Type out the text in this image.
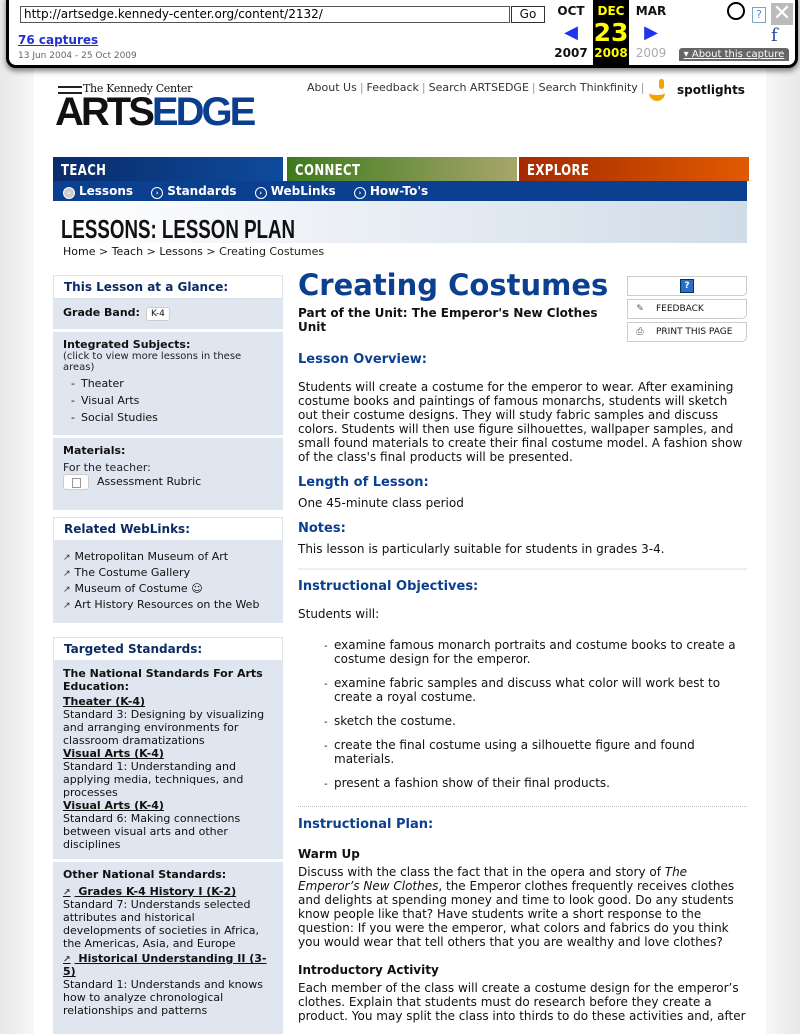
http://artsedge.kennedy-center.org/content/2132/	Go
76 captures
13 Jun 2004 - 25 Oct 2009
OCT
◀
2007
DEC
23
2008
MAR
▶
2009
? ✕
f
▾ About this capture
The Kennedy Center
ARTSEDGE
About Us | Feedback | Search ARTSEDGE | Search Thinkfinity |	spotlights
TEACH	CONNECT	EXPLORE
› Lessons	› Standards	› WebLinks	› How-To's
LESSONS: LESSON PLAN
Home > Teach > Lessons > Creating Costumes
This Lesson at a Glance:
Grade Band: K-4
Integrated Subjects:
(click to view more lessons in these areas)
- Theater
- Visual Arts
- Social Studies
Materials:
For the teacher:
Assessment Rubric
Related WebLinks:
↗ Metropolitan Museum of Art
↗ The Costume Gallery
↗ Museum of Costume ☺
↗ Art History Resources on the Web
Targeted Standards:
The National Standards For Arts Education:
Theater (K-4)
Standard 3: Designing by visualizing and arranging environments for classroom dramatizations
Visual Arts (K-4)
Standard 1: Understanding and applying media, techniques, and processes
Visual Arts (K-4)
Standard 6: Making connections between visual arts and other disciplines
Other National Standards:
↗ Grades K-4 History I (K-2)
Standard 7: Understands selected attributes and historical developments of societies in Africa, the Americas, Asia, and Europe
↗ Historical Understanding II (3-5)
Standard 1: Understands and knows how to analyze chronological relationships and patterns
Creating Costumes
Part of the Unit: The Emperor's New Clothes Unit
?
✎ FEEDBACK
⎙ PRINT THIS PAGE
Lesson Overview:
Students will create a costume for the emperor to wear. After examining costume books and paintings of famous monarchs, students will sketch out their costume designs. They will study fabric samples and discuss colors. Students will then use figure silhouettes, wallpaper samples, and small found materials to create their final costume model. A fashion show of the class's final products will be presented.
Length of Lesson:
One 45-minute class period
Notes:
This lesson is particularly suitable for students in grades 3-4.
Instructional Objectives:
Students will:
- examine famous monarch portraits and costume books to create a costume design for the emperor.
- examine fabric samples and discuss what color will work best to create a royal costume.
- sketch the costume.
- create the final costume using a silhouette figure and found materials.
- present a fashion show of their final products.
Instructional Plan:
Warm Up
Discuss with the class the fact that in the opera and story of The Emperor’s New Clothes, the Emperor clothes frequently receives clothes and delights at spending money and time to look good. Do any students know people like that? Have students write a short response to the question: If you were the emperor, what colors and fabrics do you think you would wear that tell others that you are wealthy and love clothes?
Introductory Activity
Each member of the class will create a costume design for the emperor’s clothes. Explain that students must do research before they create a product. You may split the class into thirds to do these activities and, after
